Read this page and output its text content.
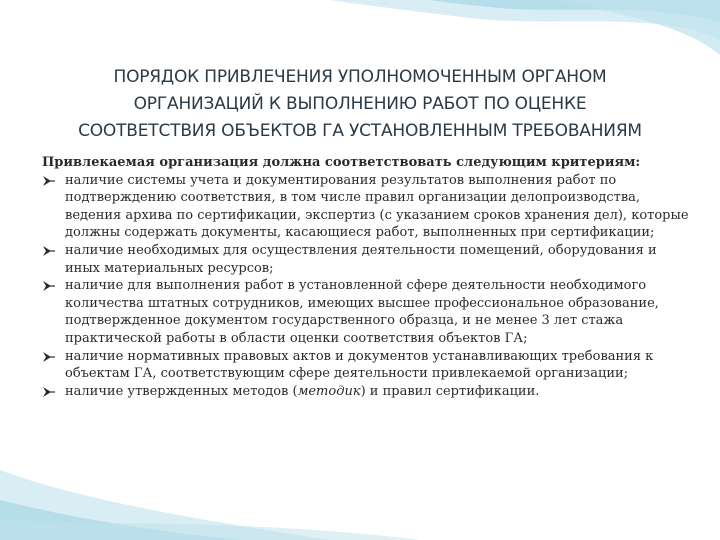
ПОРЯДОК ПРИВЛЕЧЕНИЯ УПОЛНОМОЧЕННЫМ ОРГАНОМ
ОРГАНИЗАЦИЙ К ВЫПОЛНЕНИЮ РАБОТ ПО ОЦЕНКЕ
СООТВЕТСТВИЯ ОБЪЕКТОВ ГА УСТАНОВЛЕННЫМ ТРЕБОВАНИЯМ

Привлекаемая организация должна соответствовать следующим критериям:

наличие системы учета и документирования результатов выполнения работ по подтверждению соответствия, в том числе правил организации делопроизводства, ведения архива по сертификации, экспертиз (с указанием сроков хранения дел), которые должны содержать документы, касающиеся работ, выполненных при сертификации;
наличие необходимых для осуществления деятельности помещений, оборудования и иных материальных ресурсов;
наличие для выполнения работ в установленной сфере деятельности необходимого количества штатных сотрудников, имеющих высшее профессиональное образование, подтвержденное документом государственного образца, и не менее 3 лет стажа практической работы в области оценки соответствия объектов ГА;
наличие нормативных правовых актов и документов устанавливающих требования к объектам ГА, соответствующим сфере деятельности привлекаемой организации;
наличие утвержденных методов (методик) и правил сертификации.
